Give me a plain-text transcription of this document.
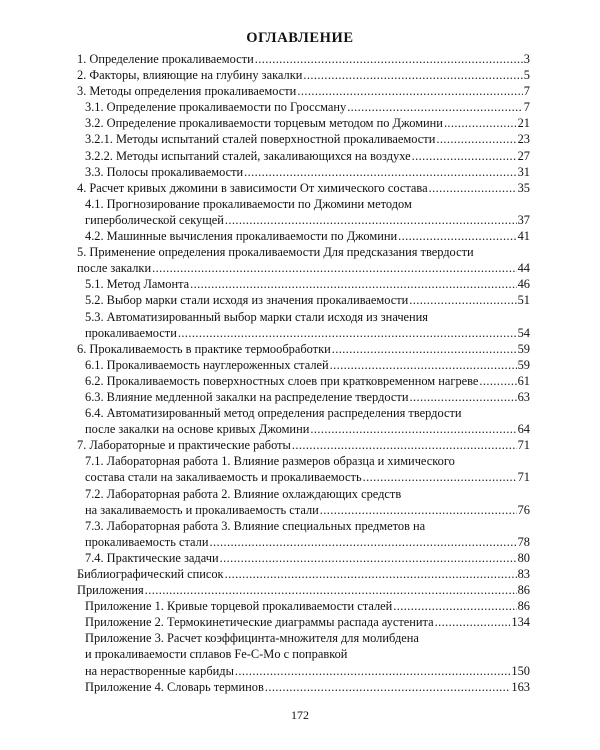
ОГЛАВЛЕНИЕ
1. Определение прокаливаемости .....	3
2. Факторы, влияющие на глубину закалки .....	5
3. Методы определения прокаливаемости .....	7
3.1. Определение прокаливаемости по Гроссману .....	7
3.2. Определение прокаливаемости торцевым методом по Джомини .....	21
3.2.1. Методы испытаний сталей поверхностной прокаливаемости .....	23
3.2.2. Методы испытаний сталей, закаливающихся на воздухе .....	27
3.3. Полосы прокаливаемости .....	31
4. Расчет кривых джомини в зависимости От химического состава .....	35
4.1. Прогнозирование прокаливаемости по Джомини методом
гиперболической секущей .....	37
4.2. Машинные вычисления прокаливаемости по Джомини .....	41
5. Применение определения прокаливаемости Для предсказания твердости
после закалки .....	44
5.1. Метод Ламонта .....	46
5.2. Выбор марки стали исходя из значения прокаливаемости .....	51
5.3. Автоматизированный выбор марки стали исходя из значения
прокаливаемости .....	54
6. Прокаливаемость в практике термообработки .....	59
6.1. Прокаливаемость науглероженных сталей .....	59
6.2. Прокаливаемость поверхностных слоев при кратковременном нагреве .....	61
6.3. Влияние медленной закалки на распределение твердости .....	63
6.4. Автоматизированный метод определения распределения твердости
после закалки на основе кривых Джомини .....	64
7. Лабораторные и практические работы .....	71
7.1. Лабораторная работа 1. Влияние размеров образца и химического
состава стали на закаливаемость и прокаливаемость .....	71
7.2. Лабораторная работа 2. Влияние охлаждающих средств
на закаливаемость и прокаливаемость стали .....	76
7.3. Лабораторная работа 3. Влияние специальных предметов на
прокаливаемость стали .....	78
7.4. Практические задачи .....	80
Библиографический список .....	83
Приложения .....	86
Приложение 1. Кривые торцевой прокаливаемости сталей .....	86
Приложение 2. Термокинетические диаграммы распада аустенита .....	134
Приложение 3. Расчет коэффицинта-множителя для молибдена
и прокаливаемости сплавов Fe-C-Mo с поправкой
на нерастворенные карбиды .....	150
Приложение 4. Словарь терминов .....	163
172
